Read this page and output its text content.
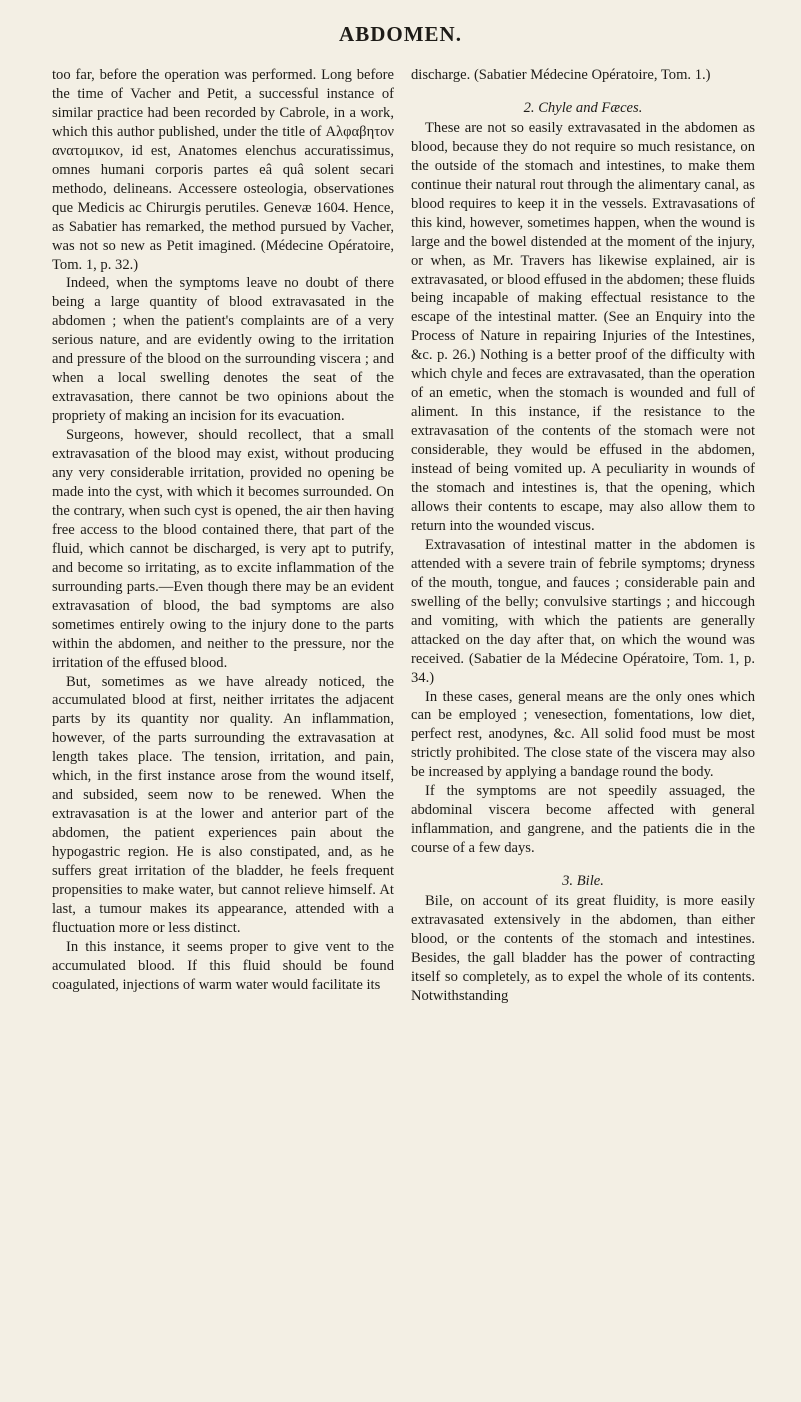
ABDOMEN.

too far, before the operation was performed. Long before the time of Vacher and Petit, a successful instance of similar practice had been recorded by Cabrole, in a work, which this author published, under the title of Αλφαβητον ανατομικον, id est, Anatomes elenchus accuratissimus, omnes humani corporis partes eâ quâ solent secari methodo, delineans. Accessere osteologia, observationes que Medicis ac Chirurgis perutiles. Genevæ 1604. Hence, as Sabatier has remarked, the method pursued by Vacher, was not so new as Petit imagined. (Médecine Opératoire, Tom. 1, p. 32.)

Indeed, when the symptoms leave no doubt of there being a large quantity of blood extravasated in the abdomen ; when the patient's complaints are of a very serious nature, and are evidently owing to the irritation and pressure of the blood on the surrounding viscera ; and when a local swelling denotes the seat of the extravasation, there cannot be two opinions about the propriety of making an incision for its evacuation.

Surgeons, however, should recollect, that a small extravasation of the blood may exist, without producing any very considerable irritation, provided no opening be made into the cyst, with which it becomes surrounded. On the contrary, when such cyst is opened, the air then having free access to the blood contained there, that part of the fluid, which cannot be discharged, is very apt to putrify, and become so irritating, as to excite inflammation of the surrounding parts.—Even though there may be an evident extravasation of blood, the bad symptoms are also sometimes entirely owing to the injury done to the parts within the abdomen, and neither to the pressure, nor the irritation of the effused blood.

But, sometimes as we have already noticed, the accumulated blood at first, neither irritates the adjacent parts by its quantity nor quality. An inflammation, however, of the parts surrounding the extravasation at length takes place. The tension, irritation, and pain, which, in the first instance arose from the wound itself, and subsided, seem now to be renewed. When the extravasation is at the lower and anterior part of the abdomen, the patient experiences pain about the hypogastric region. He is also constipated, and, as he suffers great irritation of the bladder, he feels frequent propensities to make water, but cannot relieve himself. At last, a tumour makes its appearance, attended with a fluctuation more or less distinct.

In this instance, it seems proper to give vent to the accumulated blood. If this fluid should be found coagulated, injections of warm water would facilitate its

discharge. (Sabatier Médecine Opératoire, Tom. 1.)

2. Chyle and Fæces.

These are not so easily extravasated in the abdomen as blood, because they do not require so much resistance, on the outside of the stomach and intestines, to make them continue their natural rout through the alimentary canal, as blood requires to keep it in the vessels. Extravasations of this kind, however, sometimes happen, when the wound is large and the bowel distended at the moment of the injury, or when, as Mr. Travers has likewise explained, air is extravasated, or blood effused in the abdomen; these fluids being incapable of making effectual resistance to the escape of the intestinal matter. (See an Enquiry into the Process of Nature in repairing Injuries of the Intestines, &c. p. 26.) Nothing is a better proof of the difficulty with which chyle and feces are extravasated, than the operation of an emetic, when the stomach is wounded and full of aliment. In this instance, if the resistance to the extravasation of the contents of the stomach were not considerable, they would be effused in the abdomen, instead of being vomited up. A peculiarity in wounds of the stomach and intestines is, that the opening, which allows their contents to escape, may also allow them to return into the wounded viscus.

Extravasation of intestinal matter in the abdomen is attended with a severe train of febrile symptoms; dryness of the mouth, tongue, and fauces ; considerable pain and swelling of the belly; convulsive startings ; and hiccough and vomiting, with which the patients are generally attacked on the day after that, on which the wound was received. (Sabatier de la Médecine Opératoire, Tom. 1, p. 34.)

In these cases, general means are the only ones which can be employed ; venesection, fomentations, low diet, perfect rest, anodynes, &c. All solid food must be most strictly prohibited. The close state of the viscera may also be increased by applying a bandage round the body.

If the symptoms are not speedily assuaged, the abdominal viscera become affected with general inflammation, and gangrene, and the patients die in the course of a few days.

3. Bile.

Bile, on account of its great fluidity, is more easily extravasated extensively in the abdomen, than either blood, or the contents of the stomach and intestines. Besides, the gall bladder has the power of contracting itself so completely, as to expel the whole of its contents. Notwithstanding
